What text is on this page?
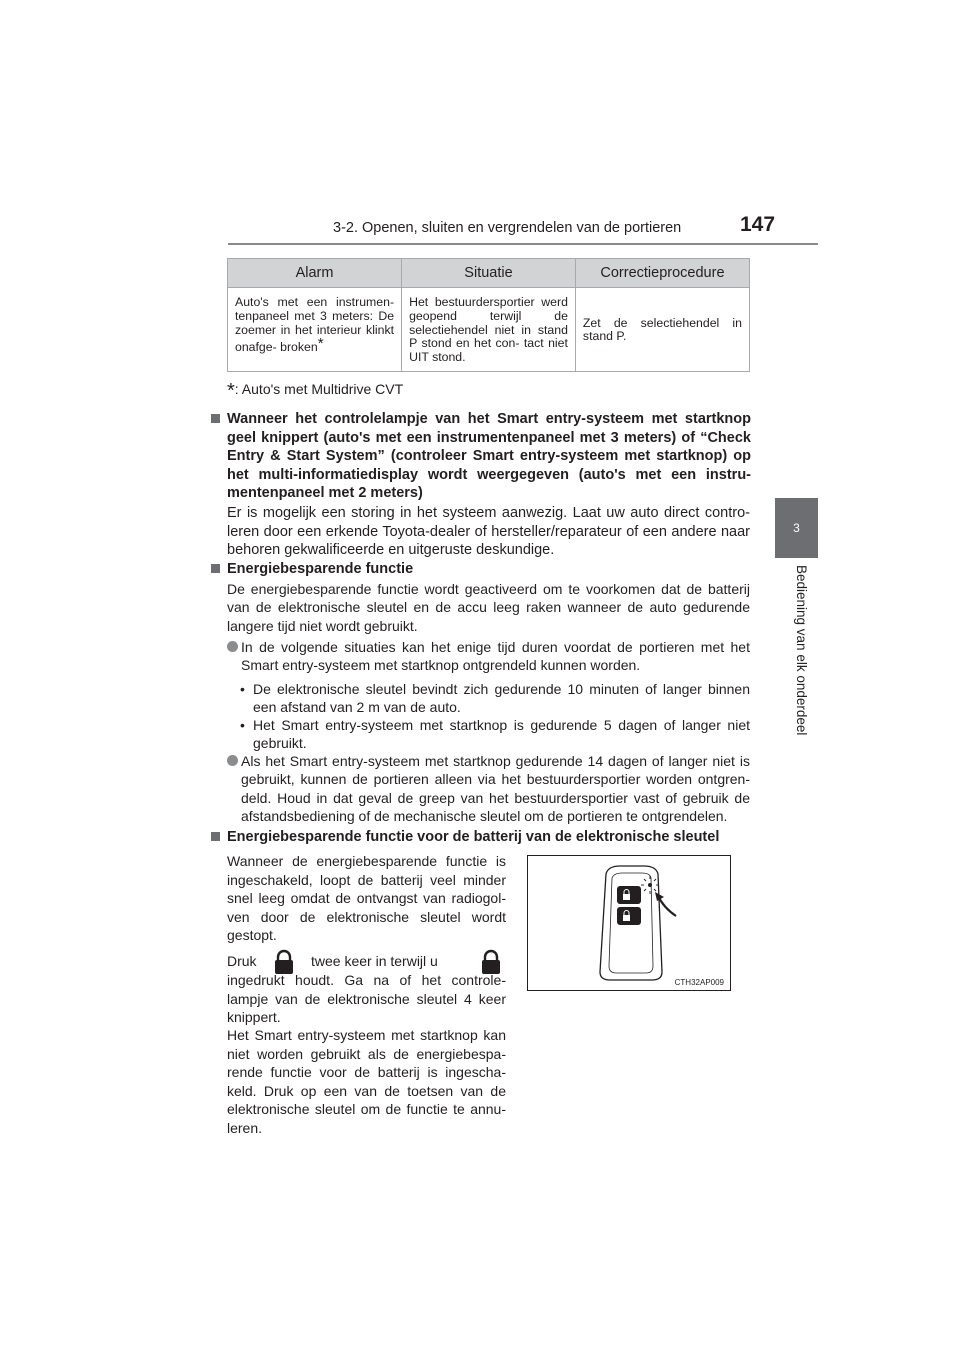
3-2. Openen, sluiten en vergrendelen van de portieren	147
3
Bediening van elk onderdeel
Alarm	Situatie	Correctieprocedure
Auto's met een instrumen- tenpaneel met 3 meters: De zoemer in het interieur klinkt onafge- broken*	Het bestuurdersportier werd geopend terwijl de selectiehendel niet in stand P stond en het con- tact niet UIT stond.	Zet de selectiehendel in stand P.
*: Auto's met Multidrive CVT
Wanneer het controlelampje van het Smart entry-systeem met startknop geel knippert (auto's met een instrumentenpaneel met 3 meters) of “Check Entry & Start System” (controleer Smart entry-systeem met startknop) op het multi-informatiedisplay wordt weergegeven (auto's met een instru- mentenpaneel met 2 meters)
Er is mogelijk een storing in het systeem aanwezig. Laat uw auto direct contro- leren door een erkende Toyota-dealer of hersteller/reparateur of een andere naar behoren gekwalificeerde en uitgeruste deskundige.
Energiebesparende functie
De energiebesparende functie wordt geactiveerd om te voorkomen dat de batterij van de elektronische sleutel en de accu leeg raken wanneer de auto gedurende langere tijd niet wordt gebruikt.
In de volgende situaties kan het enige tijd duren voordat de portieren met het Smart entry-systeem met startknop ontgrendeld kunnen worden.
• De elektronische sleutel bevindt zich gedurende 10 minuten of langer binnen een afstand van 2 m van de auto.
• Het Smart entry-systeem met startknop is gedurende 5 dagen of langer niet gebruikt.
Als het Smart entry-systeem met startknop gedurende 14 dagen of langer niet is gebruikt, kunnen de portieren alleen via het bestuurdersportier worden ontgren- deld. Houd in dat geval de greep van het bestuurdersportier vast of gebruik de afstandsbediening of de mechanische sleutel om de portieren te ontgrendelen.
Energiebesparende functie voor de batterij van de elektronische sleutel
Wanneer de energiebesparende functie is ingeschakeld, loopt de batterij veel minder snel leeg omdat de ontvangst van radiogol- ven door de elektronische sleutel wordt gestopt.
Druk	twee keer in terwijl u
ingedrukt houdt. Ga na of het controle- lampje van de elektronische sleutel 4 keer knippert.
Het Smart entry-systeem met startknop kan niet worden gebruikt als de energiebespa- rende functie voor de batterij is ingescha- keld. Druk op een van de toetsen van de elektronische sleutel om de functie te annu- leren.
CTH32AP009
